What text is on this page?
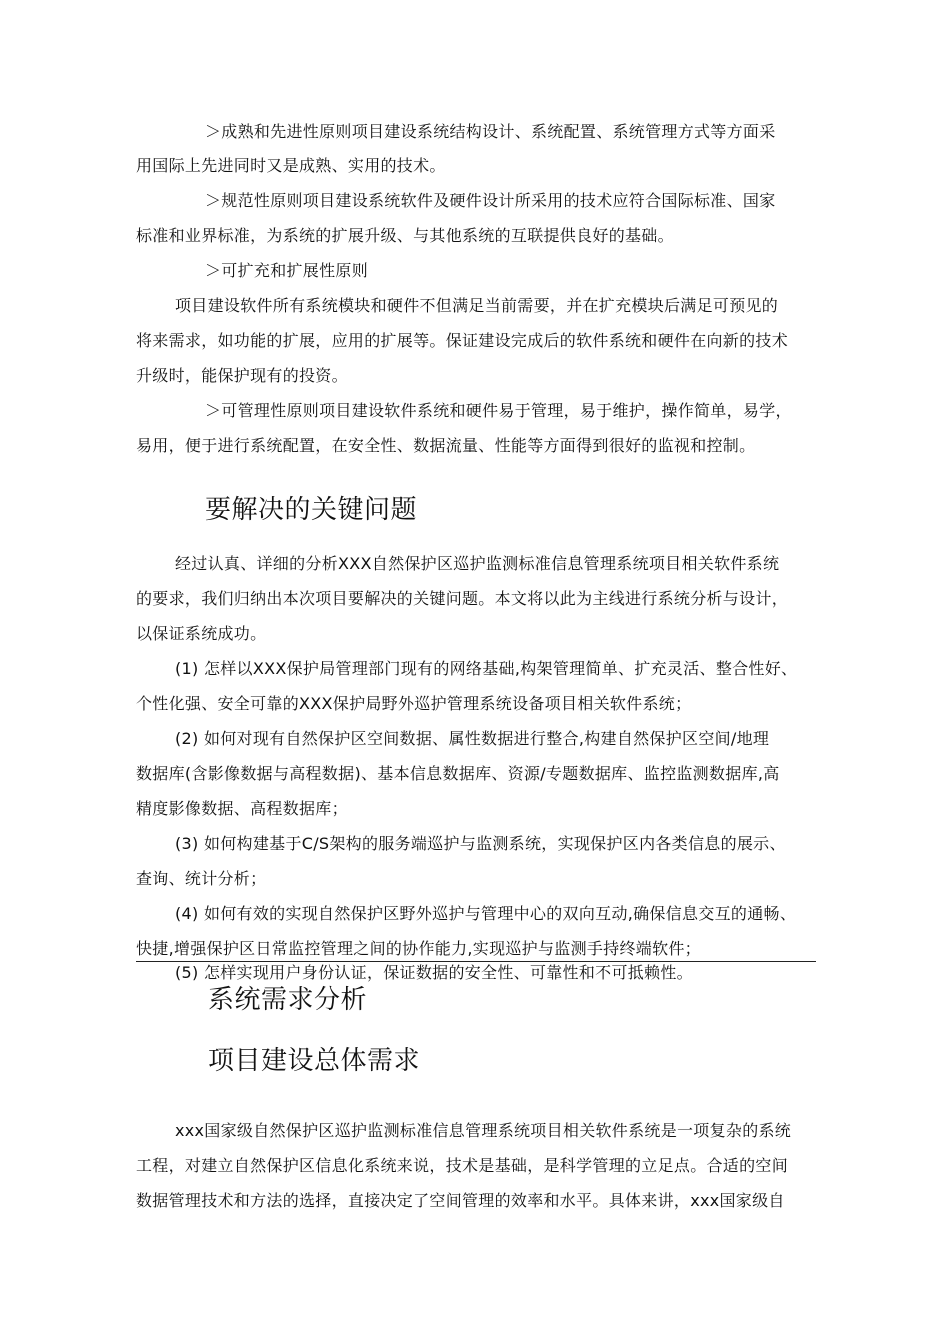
＞成熟和先进性原则项目建设系统结构设计、系统配置、系统管理方式等方面采
用国际上先进同时又是成熟、实用的技术。
＞规范性原则项目建设系统软件及硬件设计所采用的技术应符合国际标准、国家
标准和业界标准，为系统的扩展升级、与其他系统的互联提供良好的基础。
＞可扩充和扩展性原则
项目建设软件所有系统模块和硬件不但满足当前需要，并在扩充模块后满足可预见的
将来需求，如功能的扩展，应用的扩展等。保证建设完成后的软件系统和硬件在向新的技术
升级时，能保护现有的投资。
＞可管理性原则项目建设软件系统和硬件易于管理，易于维护，操作简单，易学，
易用，便于进行系统配置，在安全性、数据流量、性能等方面得到很好的监视和控制。
要解决的关键问题
经过认真、详细的分析XXX自然保护区巡护监测标准信息管理系统项目相关软件系统
的要求，我们归纳出本次项目要解决的关键问题。本文将以此为主线进行系统分析与设计，
以保证系统成功。
(1) 怎样以XXX保护局管理部门现有的网络基础,构架管理简单、扩充灵活、整合性好、
个性化强、安全可靠的XXX保护局野外巡护管理系统设备项目相关软件系统；
(2) 如何对现有自然保护区空间数据、属性数据进行整合,构建自然保护区空间/地理
数据库(含影像数据与高程数据)、基本信息数据库、资源/专题数据库、监控监测数据库,高
精度影像数据、高程数据库；
(3) 如何构建基于C/S架构的服务端巡护与监测系统，实现保护区内各类信息的展示、
查询、统计分析；
(4) 如何有效的实现自然保护区野外巡护与管理中心的双向互动,确保信息交互的通畅、
快捷,增强保护区日常监控管理之间的协作能力,实现巡护与监测手持终端软件；
(5) 怎样实现用户身份认证，保证数据的安全性、可靠性和不可抵赖性。
系统需求分析
项目建设总体需求
xxx国家级自然保护区巡护监测标准信息管理系统项目相关软件系统是一项复杂的系统
工程，对建立自然保护区信息化系统来说，技术是基础，是科学管理的立足点。合适的空间
数据管理技术和方法的选择，直接决定了空间管理的效率和水平。具体来讲，xxx国家级自
